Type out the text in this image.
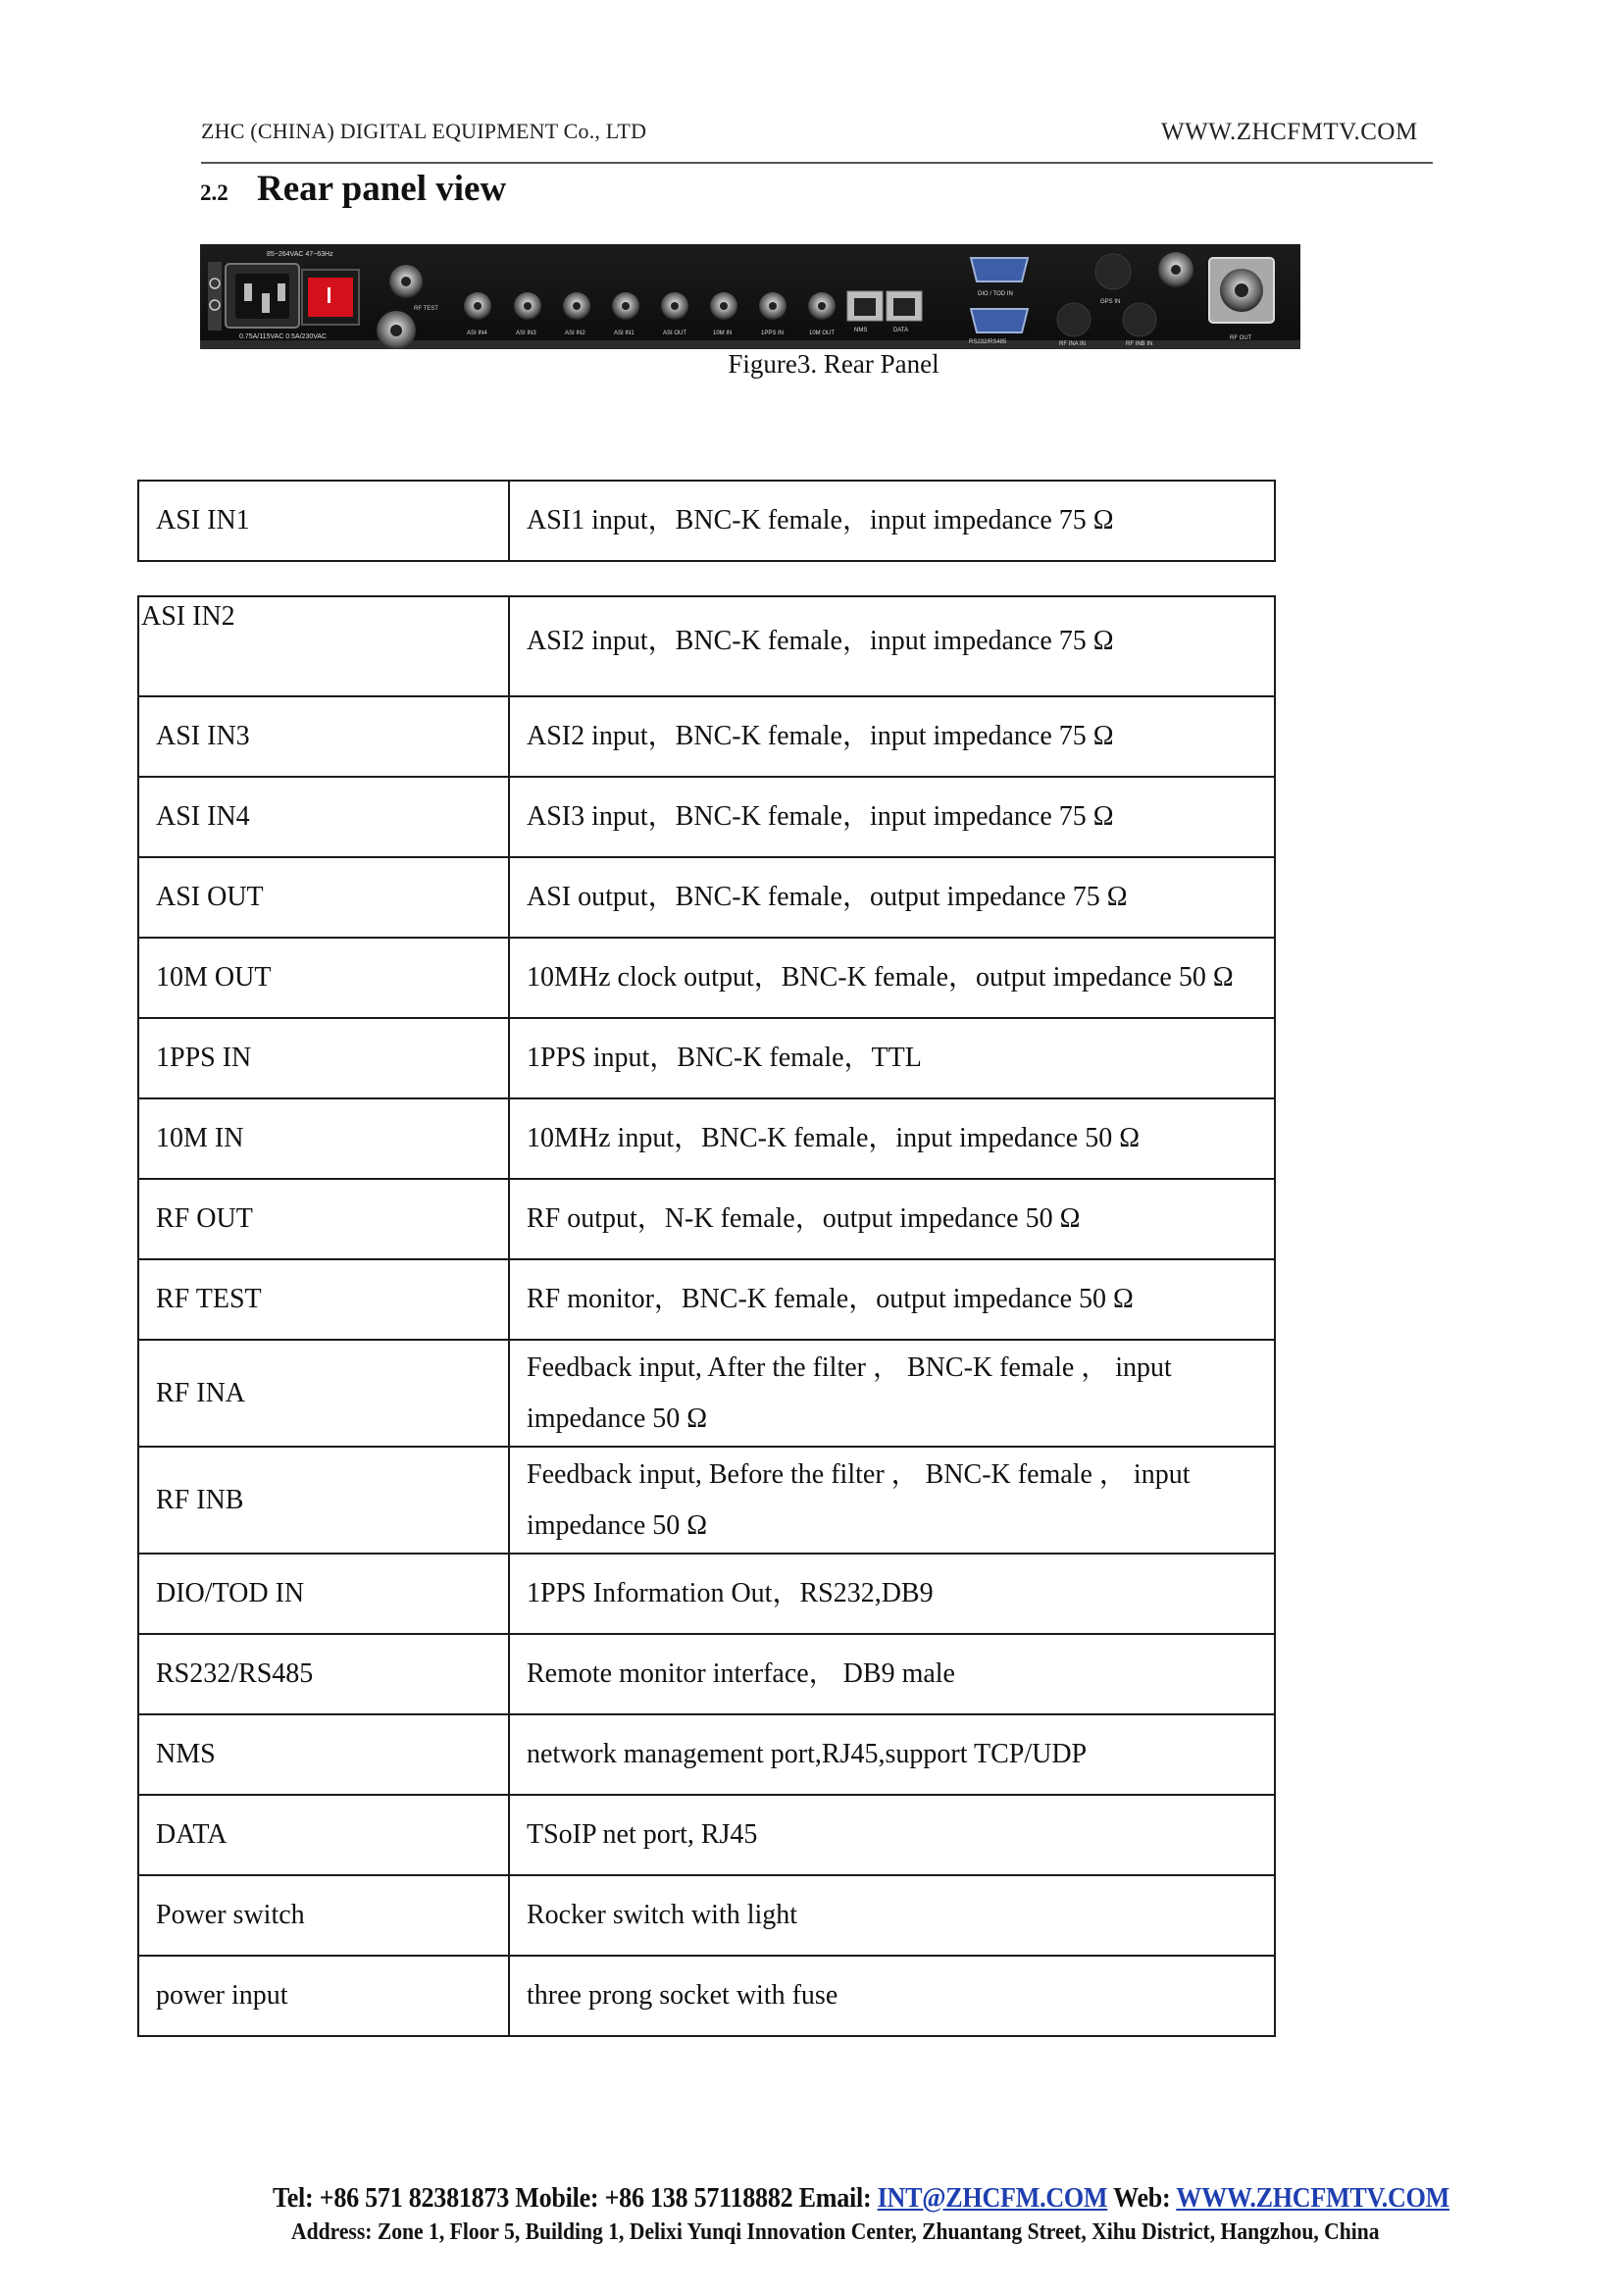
ZHC (CHINA) DIGITAL EQUIPMENT Co., LTD	WWW.ZHCFMTV.COM
2.2 Rear panel view
85~264VAC 47~63Hz
0.75A/115VAC 0.5A/230VAC
RF TEST
ASI IN4	ASI IN3	ASI IN2	ASI IN1	ASI OUT	10M IN	1PPS IN	10M OUT	NMS	DATA
DIO / TOD IN
RS232/RS485
GPS IN
RF INA IN	RF INB IN
RF OUT
Figure3. Rear Panel
ASI IN1	ASI1 input，BNC-K female，input impedance 75 Ω
ASI IN2	ASI2 input，BNC-K female，input impedance 75 Ω
ASI IN3	ASI2 input，BNC-K female，input impedance 75 Ω
ASI IN4	ASI3 input，BNC-K female，input impedance 75 Ω
ASI OUT	ASI output，BNC-K female，output impedance 75 Ω
10M OUT	10MHz clock output，BNC-K female，output impedance 50 Ω
1PPS IN	1PPS input，BNC-K female，TTL
10M IN	10MHz input，BNC-K female，input impedance 50 Ω
RF OUT	RF output，N-K female，output impedance 50 Ω
RF TEST	RF monitor，BNC-K female，output impedance 50 Ω
RF INA	Feedback input, After the filter ， BNC-K female ， input impedance 50 Ω
RF INB	Feedback input, Before the filter ， BNC-K female ， input impedance 50 Ω
DIO/TOD IN	1PPS Information Out，RS232,DB9
RS232/RS485	Remote monitor interface， DB9 male
NMS	network management port,RJ45,support TCP/UDP
DATA	TSoIP net port, RJ45
Power switch	Rocker switch with light
power input	three prong socket with fuse
Tel: +86 571 82381873 Mobile: +86 138 57118882 Email: INT@ZHCFM.COM Web: WWW.ZHCFMTV.COM
Address: Zone 1, Floor 5, Building 1, Delixi Yunqi Innovation Center, Zhuantang Street, Xihu District, Hangzhou, China
